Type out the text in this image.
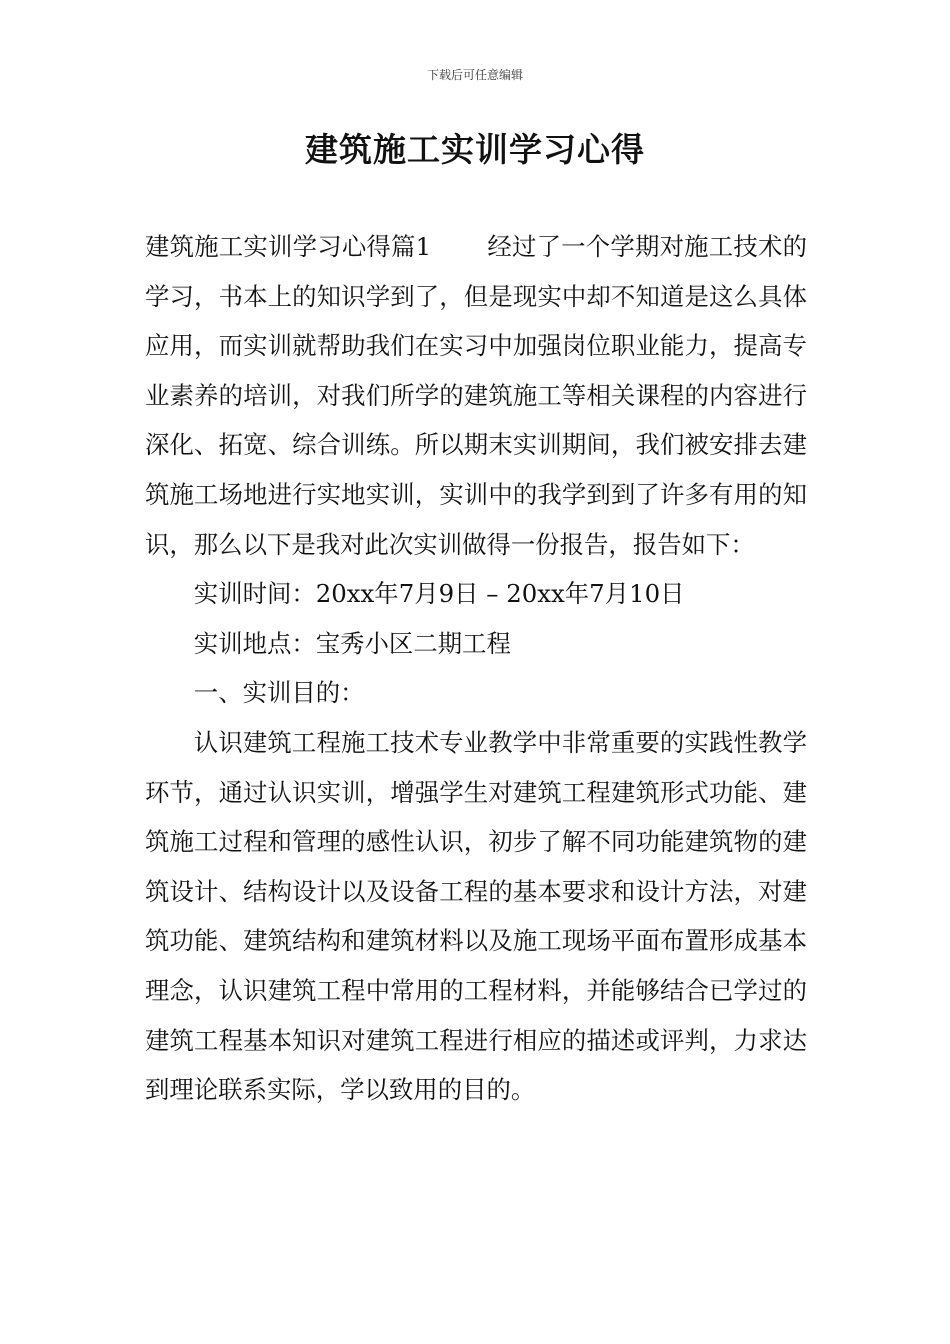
下载后可任意编辑
建筑施工实训学习心得

建筑施工实训学习心得篇1 经过了一个学期对施工技术的学习，书本上的知识学到了，但是现实中却不知道是这么具体应用，而实训就帮助我们在实习中加强岗位职业能力，提高专业素养的培训，对我们所学的建筑施工等相关课程的内容进行深化、拓宽、综合训练。所以期末实训期间，我们被安排去建筑施工场地进行实地实训，实训中的我学到到了许多有用的知识，那么以下是我对此次实训做得一份报告，报告如下：

实训时间：20xx年7月9日 – 20xx年7月10日

实训地点：宝秀小区二期工程

一、实训目的：

认识建筑工程施工技术专业教学中非常重要的实践性教学环节，通过认识实训，增强学生对建筑工程建筑形式功能、建筑施工过程和管理的感性认识，初步了解不同功能建筑物的建筑设计、结构设计以及设备工程的基本要求和设计方法，对建筑功能、建筑结构和建筑材料以及施工现场平面布置形成基本理念，认识建筑工程中常用的工程材料，并能够结合已学过的建筑工程基本知识对建筑工程进行相应的描述或评判，力求达到理论联系实际，学以致用的目的。
